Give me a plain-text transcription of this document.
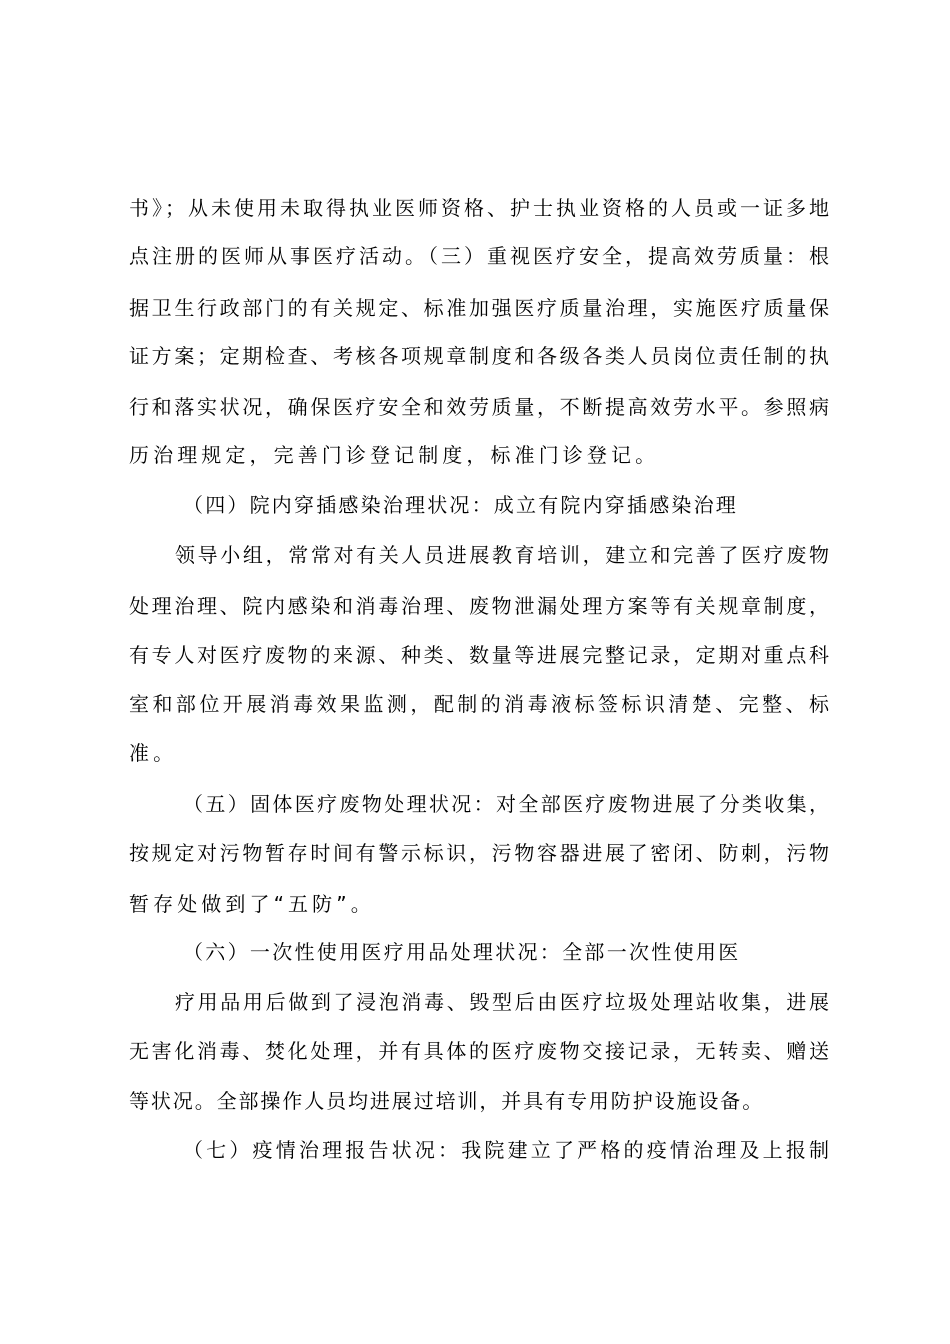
书》；从未使用未取得执业医师资格、护士执业资格的人员或一证多地
点注册的医师从事医疗活动。（三）重视医疗安全，提高效劳质量：根
据卫生行政部门的有关规定、标准加强医疗质量治理，实施医疗质量保
证方案；定期检查、考核各项规章制度和各级各类人员岗位责任制的执
行和落实状况，确保医疗安全和效劳质量，不断提高效劳水平。参照病
历治理规定，完善门诊登记制度，标准门诊登记。
（四）院内穿插感染治理状况：成立有院内穿插感染治理
领导小组，常常对有关人员进展教育培训，建立和完善了医疗废物
处理治理、院内感染和消毒治理、废物泄漏处理方案等有关规章制度，
有专人对医疗废物的来源、种类、数量等进展完整记录，定期对重点科
室和部位开展消毒效果监测，配制的消毒液标签标识清楚、完整、标
准。
（五）固体医疗废物处理状况：对全部医疗废物进展了分类收集，
按规定对污物暂存时间有警示标识，污物容器进展了密闭、防刺，污物
暂存处做到了“五防”。
（六）一次性使用医疗用品处理状况：全部一次性使用医
疗用品用后做到了浸泡消毒、毁型后由医疗垃圾处理站收集，进展
无害化消毒、焚化处理，并有具体的医疗废物交接记录，无转卖、赠送
等状况。全部操作人员均进展过培训，并具有专用防护设施设备。
（七）疫情治理报告状况：我院建立了严格的疫情治理及上报制
